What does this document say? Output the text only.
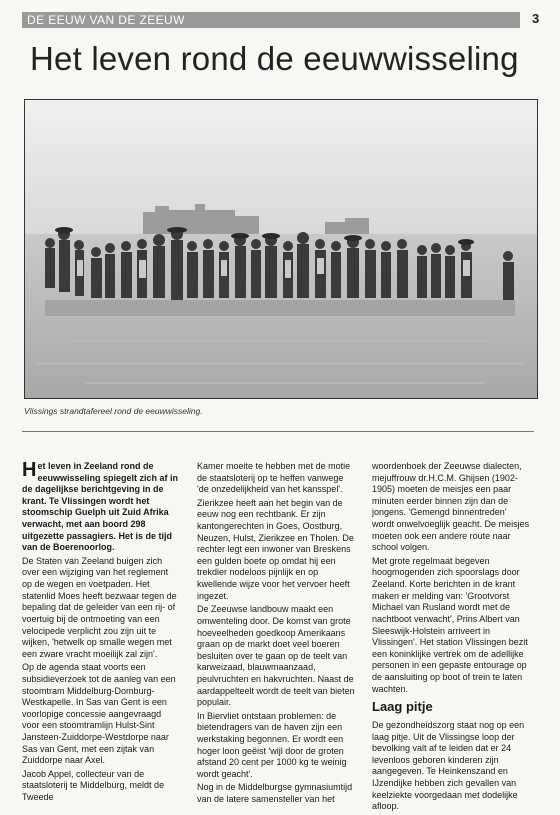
DE EEUW VAN DE ZEEUW	3
Het leven rond de eeuwwisseling
Vlissings strandtafereel rond de eeuwwisseling.

Het leven in Zeeland rond de eeuwwisseling spiegelt zich af in de dagelijkse berichtgeving in de krant. Te Vlissingen wordt het stoomschip Guelph uit Zuid Afrika verwacht, met aan boord 298 uitgezette passagiers. Het is de tijd van de Boerenoorlog.

De Staten van Zeeland buigen zich over een wijziging van het reglement op de wegen en voetpaden. Het statenlid Moes heeft bezwaar tegen de bepaling dat de geleider van een rij- of voertuig bij de ontmoeting van een velocipede verplicht zou zijn uit te wijken, 'hetwelk op smalle wegen met een zware vracht moeilijk zal zijn'.

Op de agenda staat voorts een subsidieverzoek tot de aanleg van een stoomtram Middelburg-Domburg-Westkapelle. In Sas van Gent is een voorlopige concessie aangevraagd voor een stoomtramlijn Hulst-Sint Jansteen-Zuiddorpe-Westdorpe naar Sas van Gent, met een zijtak van Zuiddorpe naar Axel.

Jacob Appel, collecteur van de staatsloterij te Middelburg, meldt de Tweede

Kamer moeite te hebben met de motie de staatsloterij op te heffen vanwege 'de onzedelijkheid van het kansspel'.

Zierikzee heeft aan het begin van de eeuw nog een rechtbank. Er zijn kantongerechten in Goes, Oostburg, Neuzen, Hulst, Zierikzee en Tholen. De rechter legt een inwoner van Breskens een gulden boete op omdat hij een trekdier nodeloos pijnlijk en op kwellende wijze voor het vervoer heeft ingezet.

De Zeeuwse landbouw maakt een omwenteling door. De komst van grote hoeveelheden goedkoop Amerikaans graan op de markt doet veel boeren besluiten over te gaan op de teelt van karweizaad, blauwmaanzaad, peulvruchten en hakvruchten. Naast de aardappelteelt wordt de teelt van bieten populair.

In Biervliet ontstaan problemen: de bietendragers van de haven zijn een werkstaking begonnen. Er wordt een hoger loon geëist 'wijl door de groten afstand 20 cent per 1000 kg te weinig wordt geacht'.

Nog in de Middelburgse gymnasiumtijd van de latere samensteller van het

woordenboek der Zeeuwse dialecten, mejuffrouw dr.H.C.M. Ghijsen (1902-1905) moeten de meisjes een paar minuten eerder binnen zijn dan de jongens. 'Gemengd binnentreden' wordt onwelvoeglijk geacht. De meisjes moeten ook een andere route naar school volgen.

Met grote regelmaat begeven hoogmogenden zich spoorslags door Zeeland. Korte berichten in de krant maken er melding van: 'Grootvorst Michael van Rusland wordt met de nachtboot verwacht', Prins Albert van Sleeswijk-Holstein arriveert in Vlissingen'. Het station Vlissingen bezit een koninklijke vertrek om de adellijke personen in een gepaste entourage op de aansluiting op boot of trein te laten wachten.

Laag pitje

De gezondheidszorg staat nog op een laag pitje. Uit de Vlissingse loop der bevolking valt af te leiden dat er 24 levenloos geboren kinderen zijn aangegeven. Te Heinkenszand en IJzendijke hebben zich gevallen van keelziekte voorgedaan met dodelijke afloop.
